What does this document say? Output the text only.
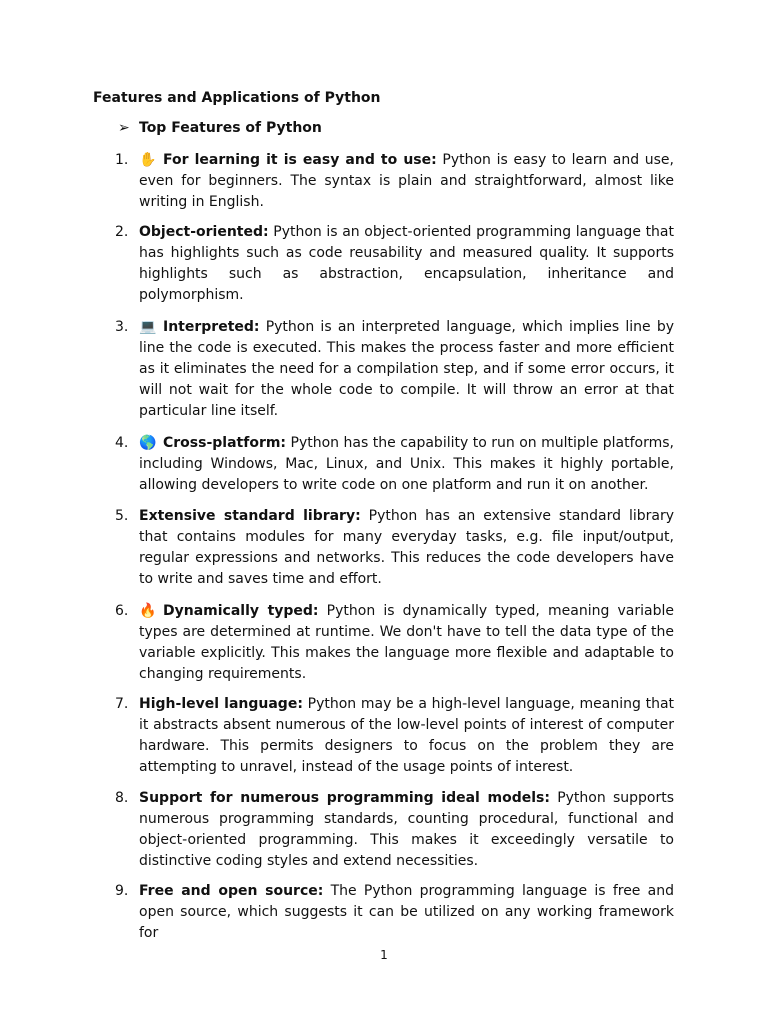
Features and Applications of Python
➢ Top Features of Python
1. ✋ For learning it is easy and to use: Python is easy to learn and use, even for beginners. The syntax is plain and straightforward, almost like writing in English.
2. Object-oriented: Python is an object-oriented programming language that has highlights such as code reusability and measured quality. It supports highlights such as abstraction, encapsulation, inheritance and polymorphism.
3. 💻 Interpreted: Python is an interpreted language, which implies line by line the code is executed. This makes the process faster and more efficient as it eliminates the need for a compilation step, and if some error occurs, it will not wait for the whole code to compile. It will throw an error at that particular line itself.
4. 🌎 Cross-platform: Python has the capability to run on multiple platforms, including Windows, Mac, Linux, and Unix. This makes it highly portable, allowing developers to write code on one platform and run it on another.
5. Extensive standard library: Python has an extensive standard library that contains modules for many everyday tasks, e.g. file input/output, regular expressions and networks. This reduces the code developers have to write and saves time and effort.
6. 🔥 Dynamically typed: Python is dynamically typed, meaning variable types are determined at runtime. We don't have to tell the data type of the variable explicitly. This makes the language more flexible and adaptable to changing requirements.
7. High-level language: Python may be a high-level language, meaning that it abstracts absent numerous of the low-level points of interest of computer hardware. This permits designers to focus on the problem they are attempting to unravel, instead of the usage points of interest.
8. Support for numerous programming ideal models: Python supports numerous programming standards, counting procedural, functional and object-oriented programming. This makes it exceedingly versatile to distinctive coding styles and extend necessities.
9. Free and open source: The Python programming language is free and open source, which suggests it can be utilized on any working framework for
1
